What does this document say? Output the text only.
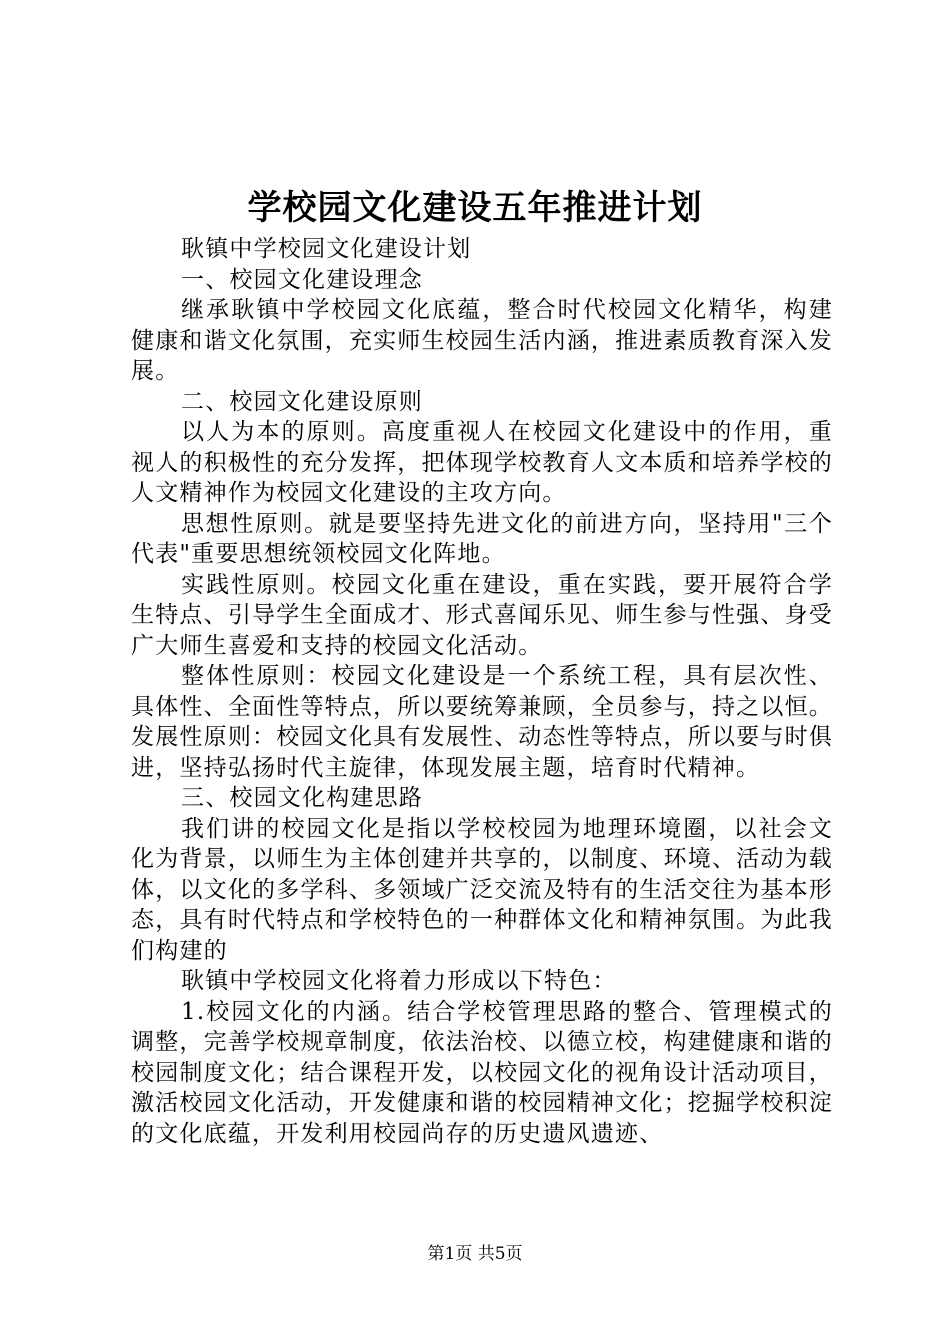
学校园文化建设五年推进计划

耿镇中学校园文化建设计划

一、校园文化建设理念

继承耿镇中学校园文化底蕴，整合时代校园文化精华，构建健康和谐文化氛围，充实师生校园生活内涵，推进素质教育深入发展。

二、校园文化建设原则

以人为本的原则。高度重视人在校园文化建设中的作用，重视人的积极性的充分发挥，把体现学校教育人文本质和培养学校的人文精神作为校园文化建设的主攻方向。

思想性原则。就是要坚持先进文化的前进方向，坚持用"三个代表"重要思想统领校园文化阵地。

实践性原则。校园文化重在建设，重在实践，要开展符合学生特点、引导学生全面成才、形式喜闻乐见、师生参与性强、身受广大师生喜爱和支持的校园文化活动。

整体性原则：校园文化建设是一个系统工程，具有层次性、具体性、全面性等特点，所以要统筹兼顾，全员参与，持之以恒。发展性原则：校园文化具有发展性、动态性等特点，所以要与时俱进，坚持弘扬时代主旋律，体现发展主题，培育时代精神。

三、校园文化构建思路

我们讲的校园文化是指以学校校园为地理环境圈，以社会文化为背景，以师生为主体创建并共享的，以制度、环境、活动为载体，以文化的多学科、多领域广泛交流及特有的生活交往为基本形态，具有时代特点和学校特色的一种群体文化和精神氛围。为此我们构建的

耿镇中学校园文化将着力形成以下特色：

1.校园文化的内涵。结合学校管理思路的整合、管理模式的调整，完善学校规章制度，依法治校、以德立校，构建健康和谐的校园制度文化；结合课程开发，以校园文化的视角设计活动项目，激活校园文化活动，开发健康和谐的校园精神文化；挖掘学校积淀的文化底蕴，开发利用校园尚存的历史遗风遗迹、

第1页 共5页
